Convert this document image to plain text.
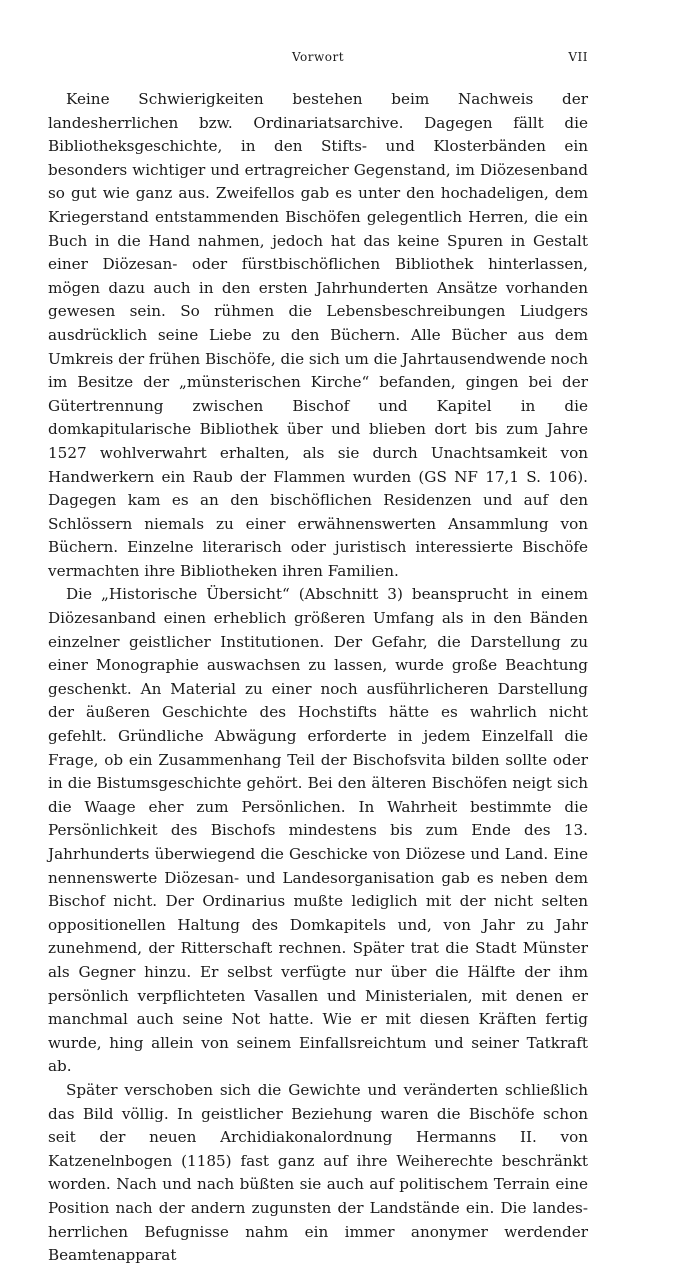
Vorwort	VII

Keine Schwierigkeiten bestehen beim Nachweis der landesherrlichen bzw. Ordinariatsarchive. Dagegen fällt die Bibliotheksgeschichte, in den Stifts- und Klosterbänden ein besonders wichtiger und ertragreicher Gegenstand, im Diözesenband so gut wie ganz aus. Zweifellos gab es unter den hochadeligen, dem Kriegerstand entstammenden Bischöfen gelegentlich Herren, die ein Buch in die Hand nahmen, jedoch hat das keine Spuren in Gestalt einer Diözesan- oder fürstbischöflichen Bibliothek hinterlassen, mögen dazu auch in den ersten Jahrhunderten Ansätze vorhanden gewesen sein. So rühmen die Lebensbeschreibungen Liudgers ausdrücklich seine Liebe zu den Büchern. Alle Bücher aus dem Umkreis der frühen Bischöfe, die sich um die Jahrtausendwende noch im Besitze der „münsterischen Kirche“ befanden, gingen bei der Gütertrennung zwischen Bischof und Kapitel in die domkapitularische Bibliothek über und blieben dort bis zum Jahre 1527 wohlverwahrt erhalten, als sie durch Unachtsamkeit von Handwerkern ein Raub der Flammen wurden (GS NF 17,1 S. 106). Dagegen kam es an den bischöflichen Residenzen und auf den Schlössern niemals zu einer erwähnenswerten Ansammlung von Büchern. Einzelne literarisch oder juristisch interessierte Bischöfe vermachten ihre Bibliotheken ihren Familien.

Die „Historische Übersicht“ (Abschnitt 3) beansprucht in einem Diözesanband einen erheblich größeren Umfang als in den Bänden einzelner geistlicher Institutionen. Der Gefahr, die Darstellung zu einer Monographie auswachsen zu lassen, wurde große Beachtung geschenkt. An Material zu einer noch ausführlicheren Darstellung der äußeren Geschichte des Hochstifts hätte es wahrlich nicht gefehlt. Gründliche Abwägung erforderte in jedem Einzelfall die Frage, ob ein Zusammenhang Teil der Bischofsvita bilden sollte oder in die Bistumsgeschichte gehört. Bei den älteren Bischöfen neigt sich die Waage eher zum Persönlichen. In Wahrheit bestimmte die Persönlichkeit des Bischofs mindestens bis zum Ende des 13. Jahrhunderts überwiegend die Geschicke von Diözese und Land. Eine nennenswerte Diözesan- und Landesorganisation gab es neben dem Bischof nicht. Der Ordinarius mußte lediglich mit der nicht selten oppositionellen Haltung des Domkapitels und, von Jahr zu Jahr zunehmend, der Ritterschaft rechnen. Später trat die Stadt Münster als Gegner hinzu. Er selbst verfügte nur über die Hälfte der ihm persönlich verpflichteten Vasallen und Ministerialen, mit denen er manchmal auch seine Not hatte. Wie er mit diesen Kräften fertig wurde, hing allein von seinem Einfallsreichtum und seiner Tatkraft ab.

Später verschoben sich die Gewichte und veränderten schließlich das Bild völlig. In geistlicher Beziehung waren die Bischöfe schon seit der neuen Archidiakonalordnung Hermanns II. von Katzenelnbogen (1185) fast ganz auf ihre Weiherechte beschränkt worden. Nach und nach büßten sie auch auf politischem Terrain eine Position nach der andern zugunsten der Landstände ein. Die landesherrlichen Befugnisse nahm ein immer anonymer werdender Beamtenapparat
